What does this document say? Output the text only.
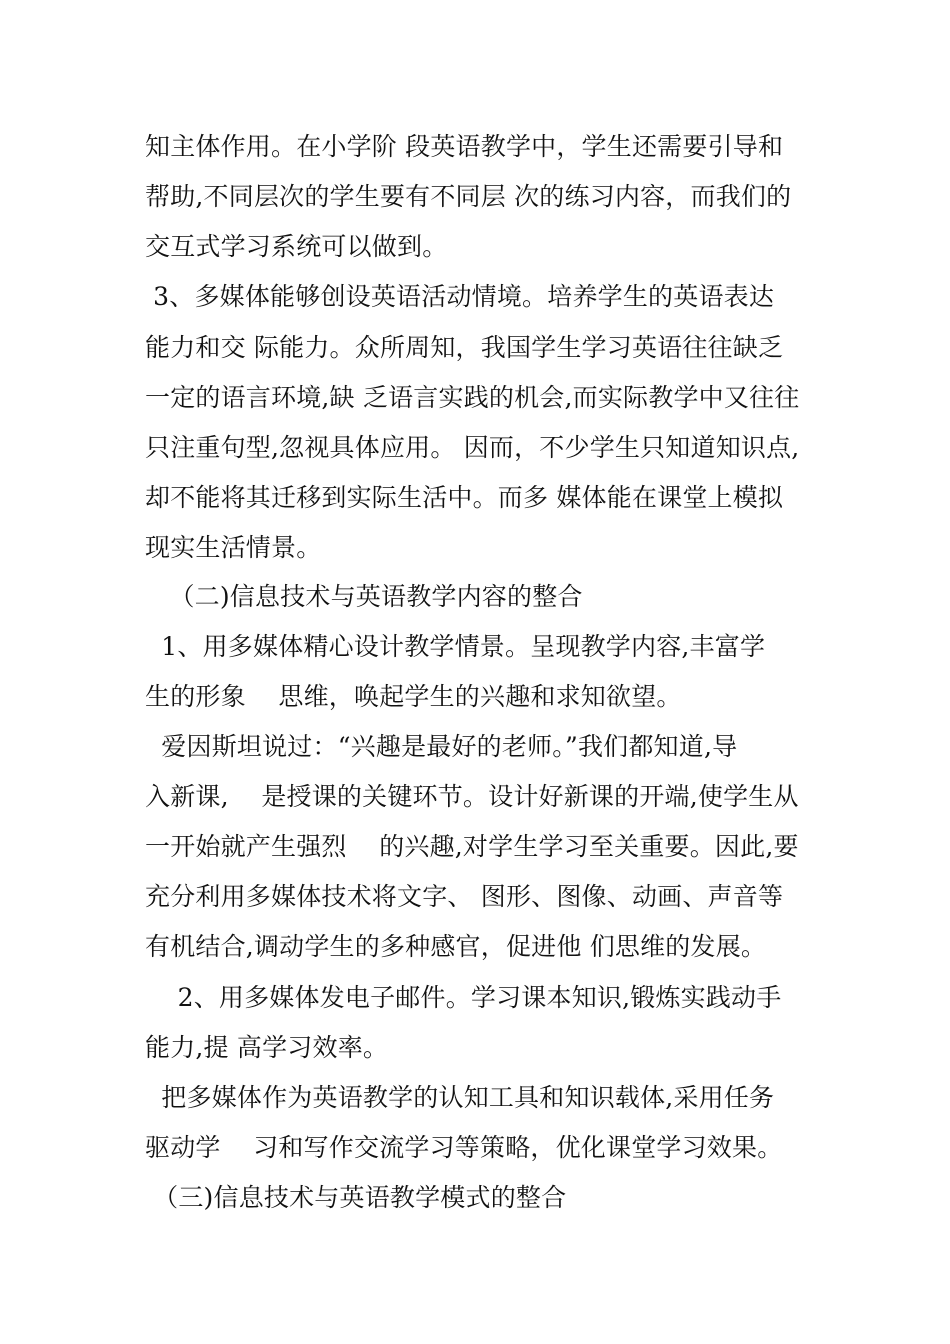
知主体作用。在小学阶 段英语教学中，学生还需要引导和
帮助,不同层次的学生要有不同层 次的练习内容，而我们的
交互式学习系统可以做到。
3、多媒体能够创设英语活动情境。培养学生的英语表达
能力和交 际能力。众所周知，我国学生学习英语往往缺乏
一定的语言环境,缺 乏语言实践的机会,而实际教学中又往往
只注重句型,忽视具体应用。 因而，不少学生只知道知识点,
却不能将其迁移到实际生活中。而多 媒体能在课堂上模拟
现实生活情景。
（二)信息技术与英语教学内容的整合
1、用多媒体精心设计教学情景。呈现教学内容,丰富学
生的形象    思维，唤起学生的兴趣和求知欲望。
爱因斯坦说过：“兴趣是最好的老师。”我们都知道,导
入新课,    是授课的关键环节。设计好新课的开端,使学生从
一开始就产生强烈    的兴趣,对学生学习至关重要。因此,要
充分利用多媒体技术将文字、 图形、图像、动画、声音等
有机结合,调动学生的多种感官，促进他 们思维的发展。
2、用多媒体发电子邮件。学习课本知识,锻炼实践动手
能力,提 高学习效率。
把多媒体作为英语教学的认知工具和知识载体,采用任务
驱动学    习和写作交流学习等策略，优化课堂学习效果。
（三)信息技术与英语教学模式的整合
